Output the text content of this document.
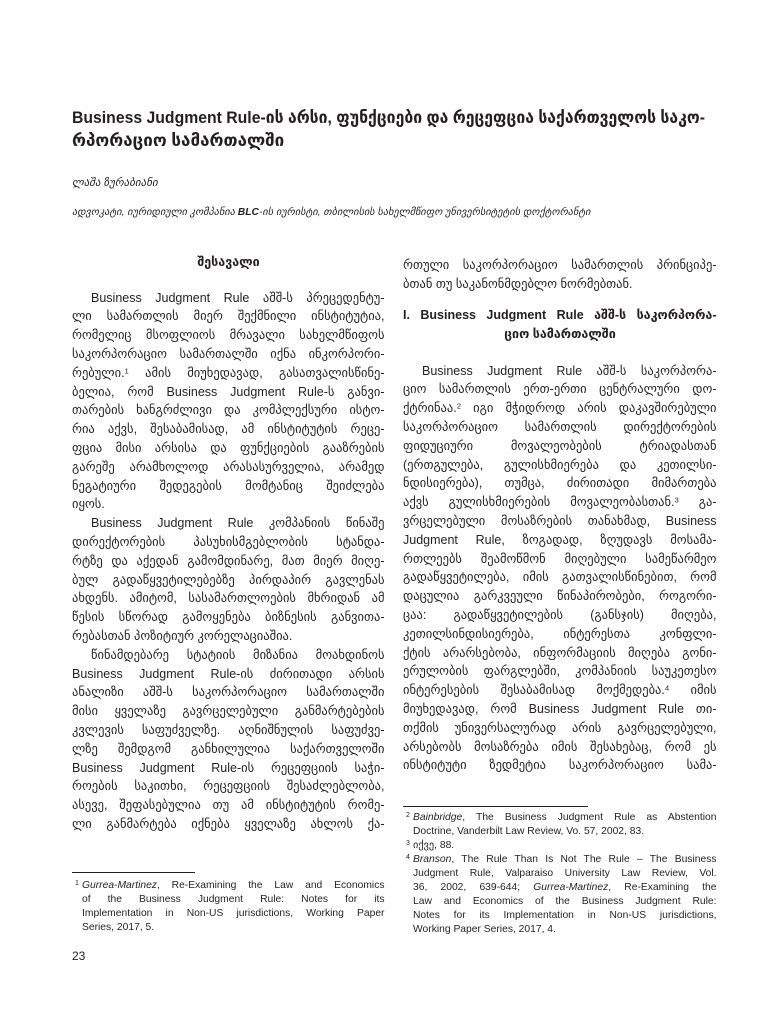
Business Judgment Rule-ის არსი, ფუნქციები და რეცეფცია საქართველოს საკო-
რპორაციო სამართალში
ლაშა ზურაბიანი
ადვოკატი, იურიდიული კომპანია BLC-ის იურისტი, თბილისის სახელმწიფო უნივერსიტეტის დოქტორანტი
შესავალი
Business Judgment Rule აშშ-ს პრეცედენტუ-
ლი სამართლის მიერ შექმნილი ინსტიტუტია,
რომელიც მსოფლიოს მრავალი სახელმწიფოს
საკორპორაციო სამართალში იქნა ინკორპორი-
რებული.$^1$ ამის მიუხედავად, გასათვალისწინე-
ბელია, რომ Business Judgment Rule-ს განვი-
თარების ხანგრძლივი და კომპლექსური ისტო-
რია აქვს, შესაბამისად, ამ ინსტიტუტის რეცე-
ფცია მისი არსისა და ფუნქციების გააზრების
გარეშე არამხოლოდ არასასურველია, არამედ
ნეგატიური შედეგების მომტანიც შეიძლება
იყოს.
Business Judgment Rule კომპანიის წინაშე
დირექტორების პასუხისმგებლობის სტანდა-
რტზე და აქედან გამომდინარე, მათ მიერ მიღე-
ბულ გადაწყვეტილებებზე პირდაპირ გავლენას
ახდენს. ამიტომ, სასამართლოების მხრიდან ამ
წესის სწორად გამოყენება ბიზნესის განვითა-
რებასთან პოზიტიურ კორელაციაშია.
წინამდებარე სტატიის მიზანია მოახდინოს
Business Judgment Rule-ის ძირითადი არსის
ანალიზი აშშ-ს საკორპორაციო სამართალში
მისი ყველაზე გავრცელებული განმარტებების
კვლევის საფუძველზე. აღნიშნულის საფუძვე-
ლზე შემდგომ განხილულია საქართველოში
Business Judgment Rule-ის რეცეფციის საჭი-
როების საკითხი, რეცეფციის შესაძლებლობა,
ასევე, შეფასებულია თუ ამ ინსტიტუტის რომე-
ლი განმარტება იქნება ყველაზე ახლოს ქა-
1 Gurrea-Martinez, Re-Examining the Law and Economics
of the Business Judgment Rule: Notes for its
Implementation in Non-US jurisdictions, Working Paper
Series, 2017, 5.
რთული საკორპორაციო სამართლის პრინციპე-
ბთან თუ საკანონმდებლო ნორმებთან.
I. Business Judgment Rule აშშ-ს საკორპორა-
ციო სამართალში
Business Judgment Rule აშშ-ს საკორპორა-
ციო სამართლის ერთ-ერთი ცენტრალური დო-
ქტრინაა.$^2$ იგი მჭიდროდ არის დაკავშირებული
საკორპორაციო სამართლის დირექტორების
ფიდუციური მოვალეობების ტრიადასთან
(ერთგულება, გულისხმიერება და კეთილსი-
ნდისიერება), თუმცა, ძირითადი მიმართება
აქვს გულისხმიერების მოვალეობასთან.$^3$ გა-
ვრცელებული მოსაზრების თანახმად, Business
Judgment Rule, ზოგადად, ზღუდავს მოსამა-
რთლეებს შეამოწმონ მიღებული სამეწარმეო
გადაწყვეტილება, იმის გათვალისწინებით, რომ
დაცულია გარკვეული წინაპირობები, როგორი-
ცაა: გადაწყვეტილების (განსჯის) მიღება,
კეთილსინდისიერება, ინტერესთა კონფლი-
ქტის არარსებობა, ინფორმაციის მიღება გონი-
ერულობის ფარგლებში, კომპანიის საუკეთესო
ინტერესების შესაბამისად მოქმედება.$^4$ იმის
მიუხედავად, რომ Business Judgment Rule თი-
თქმის უნივერსალურად არის გავრცელებული,
არსებობს მოსაზრება იმის შესახებაც, რომ ეს
ინსტიტუტი ზედმეტია საკორპორაციო სამა-
2 Bainbridge, The Business Judgment Rule as Abstention
Doctrine, Vanderbilt Law Review, Vo. 57, 2002, 83.
3 იქვე, 88.
4 Branson, The Rule Than Is Not The Rule – The Business
Judgment Rule, Valparaiso University Law Review, Vol.
36, 2002, 639-644; Gurrea-Martinez, Re-Examining the
Law and Economics of the Business Judgment Rule:
Notes for its Implementation in Non-US jurisdictions,
Working Paper Series, 2017, 4.
23
